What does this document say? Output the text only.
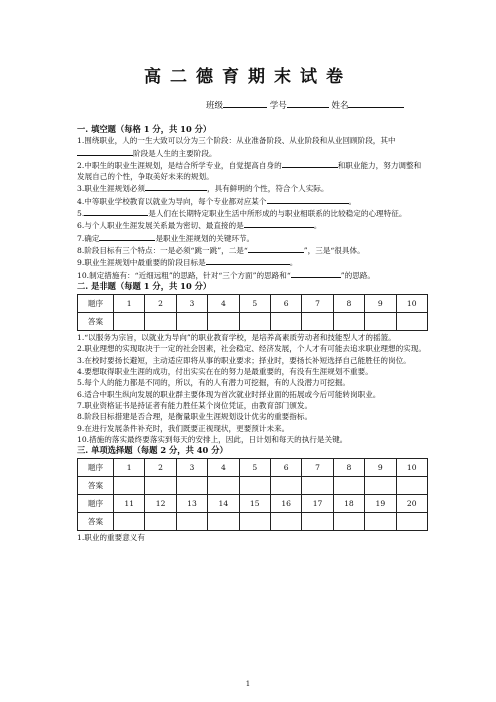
高二德育期末试卷
班级	学号	姓名

一. 填空题（每格 1 分，共 10 分）

1.围绕职业，人的一生大致可以分为三个阶段：从业准备阶段、从业阶段和从业回顾阶段，其中阶段是人生的主要阶段。

2.中职生的职业生涯规划，是结合所学专业，自觉提高自身的	和职业能力，努力调整和发展自己的个性，争取美好未来的规划。

3.职业生涯规划必须	，具有鲜明的个性，符合个人实际。

4.中等职业学校教育以就业为导向，每个专业都对应某个	。

5.	是人们在长期特定职业生活中所形成的与职业相联系的比较稳定的心理特征。

6.与个人职业生涯发展关系最为密切、最直接的是	。

7.确定	是职业生涯规划的关键环节。

8.阶段目标有三个特点：一是必须“跳一跳”，二是“	”，三是“很具体。

9.职业生涯规划中最重要的阶段目标是	。

10.制定措施有：“近细远粗”的思路，针对“三个方面”的思路和“	”的思路。

二. 是非题（每题 1 分，共 10 分）

题序	1	2	3	4	5	6	7	8	9	10
答案										

1.“以服务为宗旨，以就业为导向”的职业教育学校，是培养高素质劳动者和技能型人才的摇篮。

2.职业理想的实现取决于一定的社会因素，社会稳定、经济发展，个人才有可能去追求职业理想的实现。

3.在校时要扬长避短，主动适应即将从事的职业要求；择业时，要扬长补短选择自己能胜任的岗位。

4.要想取得职业生涯的成功，付出实实在在的努力是最重要的，有没有生涯规划不重要。

5.每个人的能力都是不同的，所以，有的人有潜力可挖掘，有的人没潜力可挖掘。

6.适合中职生纵向发展的职业群主要体现为首次就业时择业面的拓展或今后可能转岗职业。

7.职业资格证书是持证者有能力胜任某个岗位凭证，由教育部门颁发。

8.阶段目标措建是否合理，是衡量职业生涯规划设计优劣的重要指标。

9.在进行发展条件补充时，我们既要正视现状，更要预计未来。

10.措施的落实最终要落实到每天的安排上，因此，日计划和每天的执行是关键。

三. 单项选择题（每题 2 分，共 40 分）

题序	1	2	3	4	5	6	7	8	9	10
答案										
题序	11	12	13	14	15	16	17	18	19	20
答案										

1.职业的重要意义有

1
